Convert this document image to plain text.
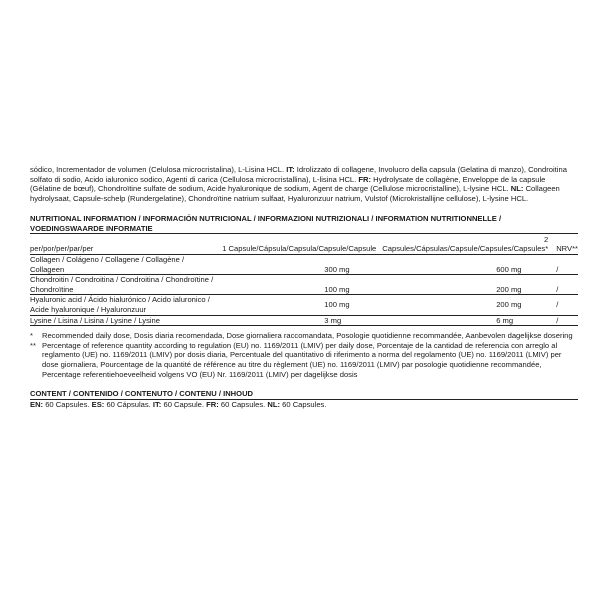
sódico, Incrementador de volumen (Celulosa microcristalina), L-Lisina HCL. IT: Idrolizzato di collagene, Involucro della capsula (Gelatina di manzo), Condroitina solfato di sodio, Acido ialuronico sodico, Agenti di carica (Cellulosa microcristallina), L-lisina HCL. FR: Hydrolysate de collagène, Enveloppe de la capsule (Gélatine de bœuf), Chondroïtine sulfate de sodium, Acide hyaluronique de sodium, Agent de charge (Cellulose microcristalline), L-lysine HCL. NL: Collageen hydrolysaat, Capsule-schelp (Rundergelatine), Chondroïtine natrium sulfaat, Hyaluronzuur natrium, Vulstof (Microkristallijne cellulose), L-lysine HCL.

NUTRITIONAL INFORMATION / INFORMACIÓN NUTRICIONAL / INFORMAZIONI NUTRIZIONALI / INFORMATION NUTRITIONNELLE /
VOEDINGSWAARDE INFORMATIE
per/por/per/par/per	1 Capsule/Cápsula/Capsula/Capsule/Capsule	2 Capsules/Cápsulas/Capsule/Capsules/Capsules*	NRV**
Collagen / Colágeno / Collagene / Collagène / Collageen	300 mg	600 mg	/
Chondroitin / Condroitina / Condroitina / Chondroïtine / Chondroïtine	100 mg	200 mg	/

Hyaluronic acid / Ácido hialurónico / Acido ialuronico /
Acide hyaluronique / Hyaluronzuur	100 mg	200 mg	/
Lysine / Lisina / Lisina / Lysine / Lysine	3 mg	6 mg	/
*	Recommended daily dose, Dosis diaria recomendada, Dose giornaliera raccomandata, Posologie quotidienne recommandée, Aanbevolen dagelijkse dosering
** Percentage of reference quantity according to regulation (EU) no. 1169/2011 (LMIV) per daily dose, Porcentaje de la cantidad de referencia con arreglo al reglamento (UE) no. 1169/2011 (LMIV) por dosis diaria, Percentuale del quantitativo di riferimento a norma del regolamento (UE) no. 1169/2011 (LMIV) per dose giornaliera, Pourcentage de la quantité de référence au titre du règlement (UE) no. 1169/2011 (LMIV) par posologie quotidienne recommandée, Percentage referentiehoeveelheid volgens VO (EU) Nr. 1169/2011 (LMIV) per dagelijkse dosis
CONTENT / CONTENIDO / CONTENUTO / CONTENU / INHOUD
EN: 60 Capsules. ES: 60 Cápsulas. IT: 60 Capsule. FR: 60 Capsules. NL: 60 Capsules.
